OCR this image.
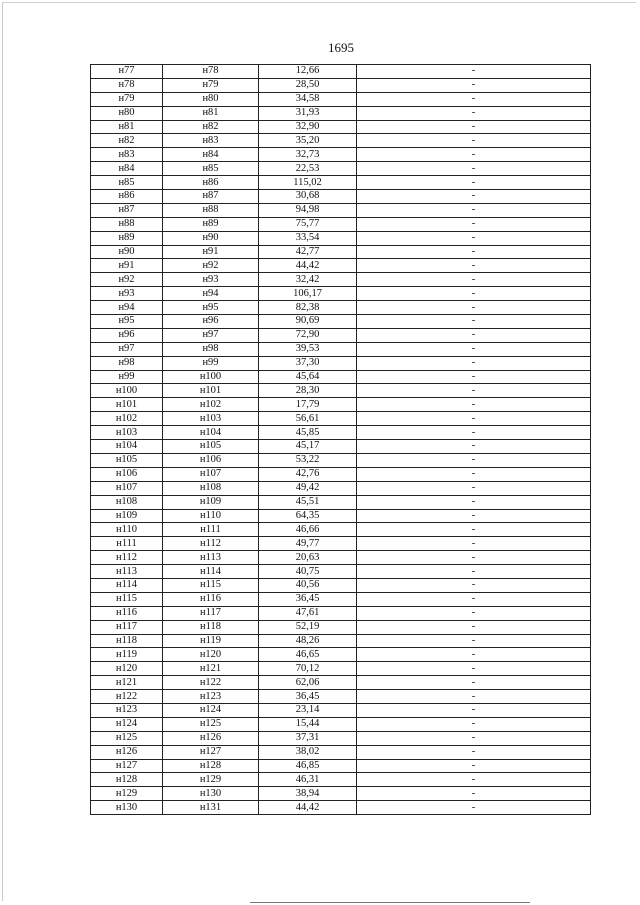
1695
н77	н78	12,66	-
н78	н79	28,50	-
н79	н80	34,58	-
н80	н81	31,93	-
н81	н82	32,90	-
н82	н83	35,20	-
н83	н84	32,73	-
н84	н85	22,53	-
н85	н86	115,02	-
н86	н87	30,68	-
н87	н88	94,98	-
н88	н89	75,77	-
н89	н90	33,54	-
н90	н91	42,77	-
н91	н92	44,42	-
н92	н93	32,42	-
н93	н94	106,17	-
н94	н95	82,38	-
н95	н96	90,69	-
н96	н97	72,90	-
н97	н98	39,53	-
н98	н99	37,30	-
н99	н100	45,64	-
н100	н101	28,30	-
н101	н102	17,79	-
н102	н103	56,61	-
н103	н104	45,85	-
н104	н105	45,17	-
н105	н106	53,22	-
н106	н107	42,76	-
н107	н108	49,42	-
н108	н109	45,51	-
н109	н110	64,35	-
н110	н111	46,66	-
н111	н112	49,77	-
н112	н113	20,63	-
н113	н114	40,75	-
н114	н115	40,56	-
н115	н116	36,45	-
н116	н117	47,61	-
н117	н118	52,19	-
н118	н119	48,26	-
н119	н120	46,65	-
н120	н121	70,12	-
н121	н122	62,06	-
н122	н123	36,45	-
н123	н124	23,14	-
н124	н125	15,44	-
н125	н126	37,31	-
н126	н127	38,02	-
н127	н128	46,85	-
н128	н129	46,31	-
н129	н130	38,94	-
н130	н131	44,42	-
